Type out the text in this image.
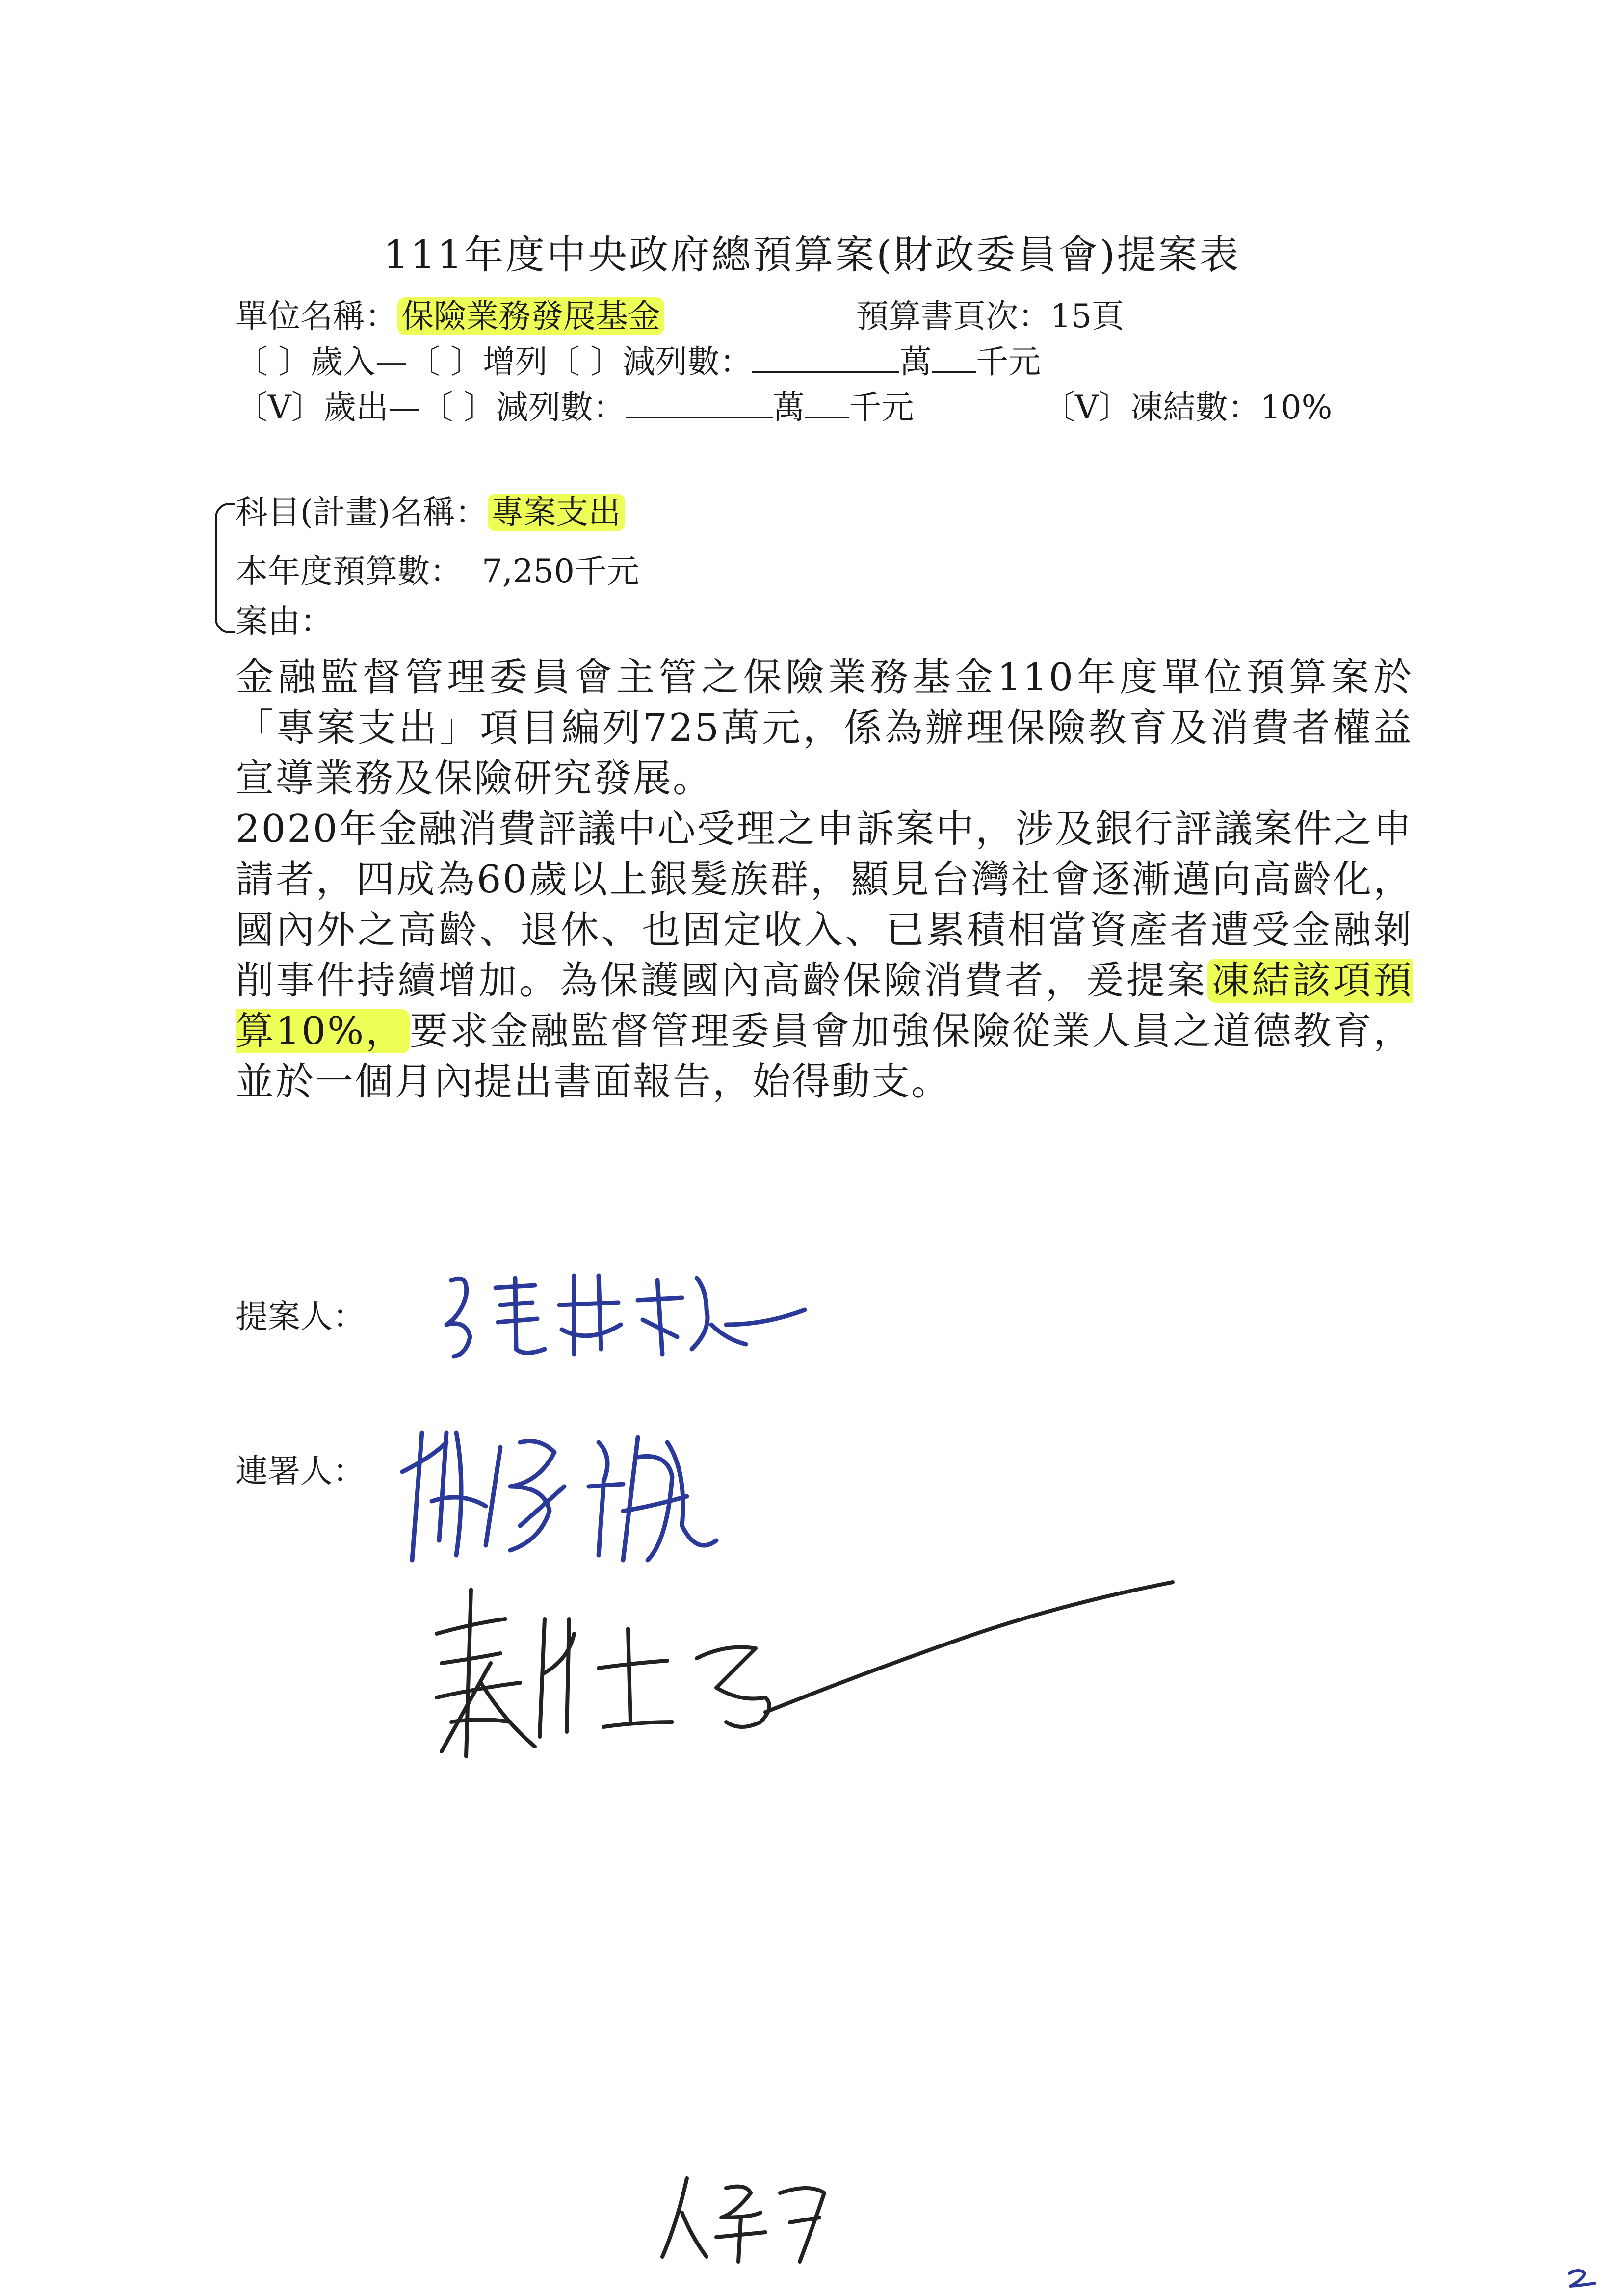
111年度中央政府總預算案(財政委員會)提案表
單位名稱： 保險業務發展基金	預算書頁次：15頁
〔 〕歲入—〔 〕增列〔 〕減列數：	萬 千元
〔V〕歲出—〔 〕減列數：	萬 千元	〔V〕凍結數：10%
科目(計畫)名稱： 專案支出
本年度預算數： 7,250千元
案由：
金融監督管理委員會主管之保險業務基金110年度單位預算案於「專案支出」項目編列725萬元，係為辦理保險教育及消費者權益宣導業務及保險研究發展。
2020年金融消費評議中心受理之申訴案中，涉及銀行評議案件之申請者，四成為60歲以上銀髮族群，顯見台灣社會逐漸邁向高齡化，國內外之高齡、退休、也固定收入、已累積相當資產者遭受金融剝削事件持續增加。為保護國內高齡保險消費者，爰提案 凍結該項預算10%， 要求金融監督管理委員會加強保險從業人員之道德教育，並於一個月內提出書面報告，始得動支。
提案人：
連署人：
